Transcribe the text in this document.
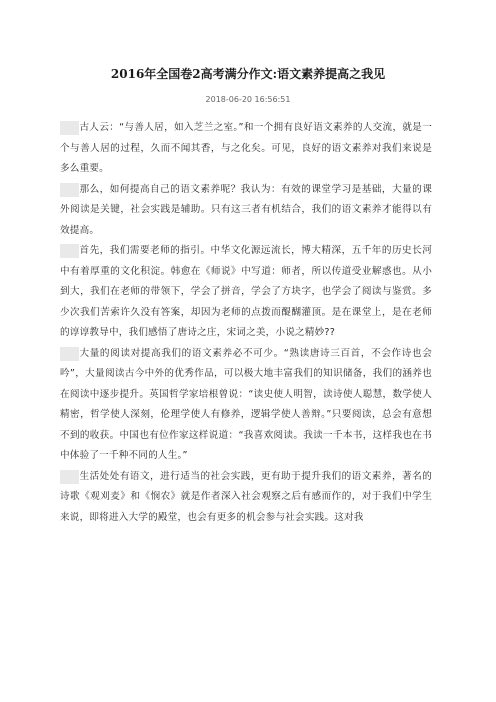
2016年全国卷2高考满分作文:语文素养提高之我见
2018-06-20 16:56:51

古人云：“与善人居，如入芝兰之室。”和一个拥有良好语文素养的人交流，就是一个与善人居的过程，久而不闻其香，与之化矣。可见，良好的语文素养对我们来说是多么重要。

那么，如何提高自己的语文素养呢？我认为：有效的课堂学习是基础，大量的课外阅读是关键，社会实践是辅助。只有这三者有机结合，我们的语文素养才能得以有效提高。

首先，我们需要老师的指引。中华文化源远流长，博大精深，五千年的历史长河中有着厚重的文化积淀。韩愈在《师说》中写道：师者，所以传道受业解惑也。从小到大，我们在老师的带领下，学会了拼音，学会了方块字，也学会了阅读与鉴赏。多少次我们苦索许久没有答案，却因为老师的点拨而醍醐灌顶。是在课堂上，是在老师的谆谆教导中，我们感悟了唐诗之庄，宋词之美，小说之精妙??

大量的阅读对提高我们的语文素养必不可少。“熟读唐诗三百首，不会作诗也会吟”，大量阅读古今中外的优秀作品，可以极大地丰富我们的知识储备，我们的涵养也在阅读中逐步提升。英国哲学家培根曾说：“读史使人明智，读诗使人聪慧，数学使人精密，哲学使人深刻，伦理学使人有修养，逻辑学使人善辩。”只要阅读，总会有意想不到的收获。中国也有位作家这样说道：“我喜欢阅读。我读一千本书，这样我也在书中体验了一千种不同的人生。”

生活处处有语文，进行适当的社会实践，更有助于提升我们的语文素养，著名的诗歌《观刈麦》和《悯农》就是作者深入社会观察之后有感而作的，对于我们中学生来说，即将进入大学的殿堂，也会有更多的机会参与社会实践。这对我
